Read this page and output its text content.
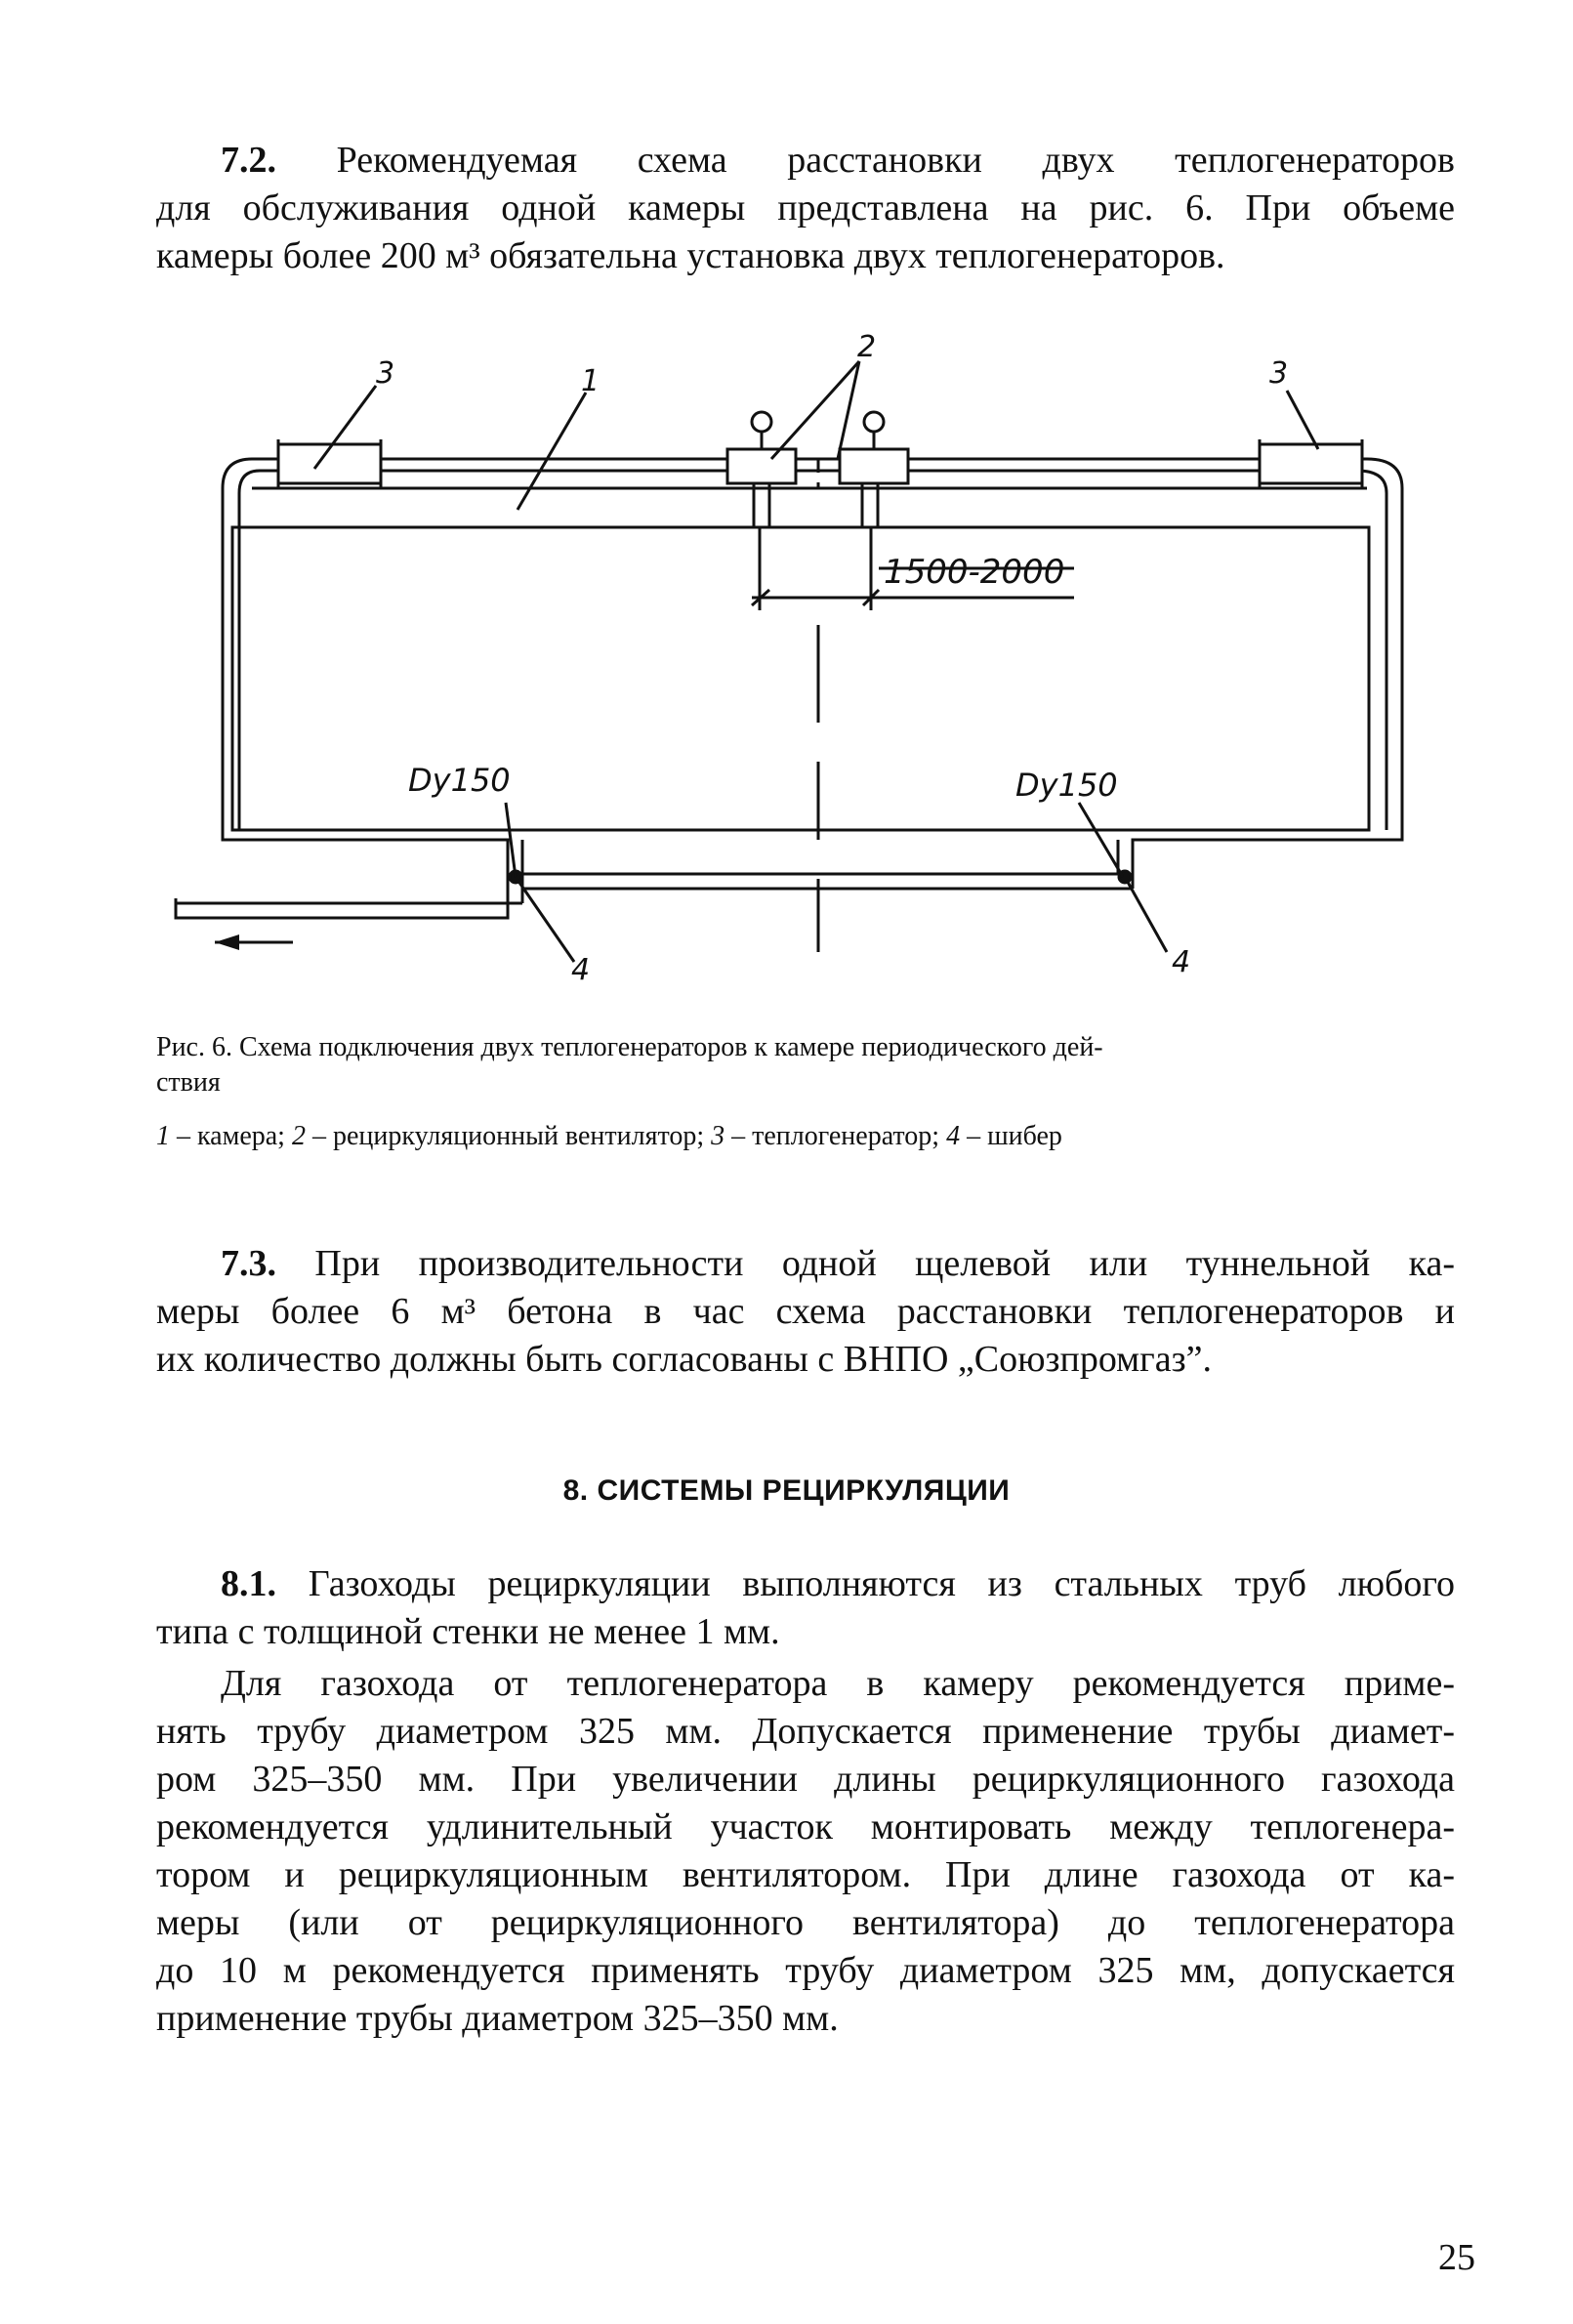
7.2. Рекомендуемая схема расстановки двух теплогенераторов
для обслуживания одной камеры представлена на рис. 6. При объеме
камеры более 200 м³ обязательна установка двух теплогенераторов.
3	1
2
3
1500-2000
Dy150	Dy150
4	4
Рис. 6. Схема подключения двух теплогенераторов к камере периодического дей-
ствия
1 – камера; 2 – рециркуляционный вентилятор; 3 – теплогенератор; 4 – шибер
7.3. При производительности одной щелевой или туннельной ка-
меры более 6 м³ бетона в час схема расстановки теплогенераторов и
их количество должны быть согласованы с ВНПО „Союзпромгаз”.
8. СИСТЕМЫ РЕЦИРКУЛЯЦИИ
8.1. Газоходы рециркуляции выполняются из стальных труб любого
типа с толщиной стенки не менее 1 мм.
Для газохода от теплогенератора в камеру рекомендуется приме-
нять трубу диаметром 325 мм. Допускается применение трубы диамет-
ром 325–350 мм. При увеличении длины рециркуляционного газохода
рекомендуется удлинительный участок монтировать между теплогенера-
тором и рециркуляционным вентилятором. При длине газохода от ка-
меры (или от рециркуляционного вентилятора) до теплогенератора
до 10 м рекомендуется применять трубу диаметром 325 мм, допускается
применение трубы диаметром 325–350 мм.
25
